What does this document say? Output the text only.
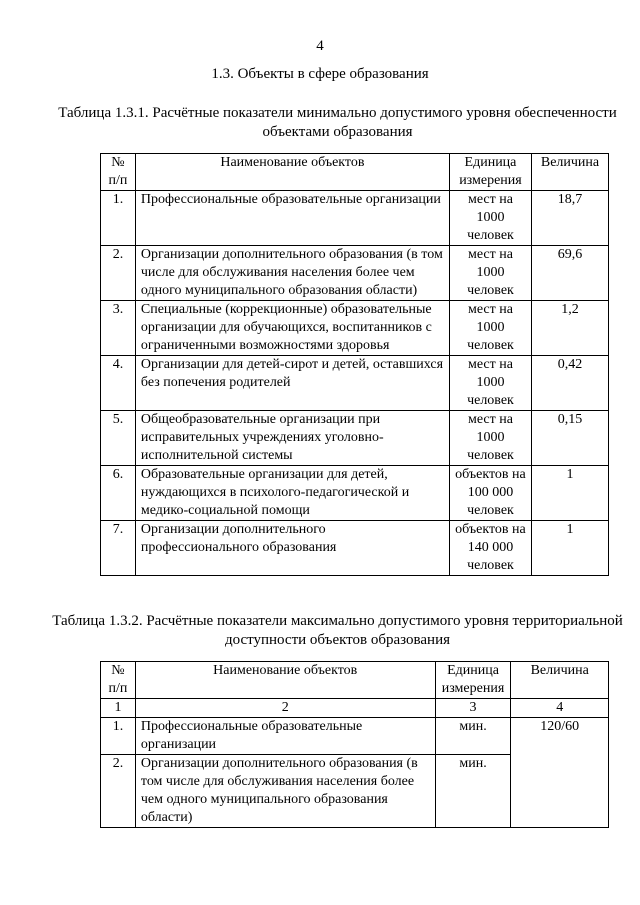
4
1.3. Объекты в сфере образования
Таблица 1.3.1. Расчётные показатели минимально допустимого уровня обеспеченности объектами образования
№ п/п	Наименование объектов	Единица измерения	Величина
1.	Профессиональные образовательные организации	мест на 1000 человек	18,7
2.	Организации дополнительного образования (в том числе для обслуживания населения более чем одного муниципального образования области)	мест на 1000 человек	69,6
3.	Специальные (коррекционные) образовательные организации для обучающихся, воспитанников с ограниченными возможностями здоровья	мест на 1000 человек	1,2
4.	Организации для детей-сирот и детей, оставшихся без попечения родителей	мест на 1000 человек	0,42
5.	Общеобразовательные организации при исправительных учреждениях уголовно-исполнительной системы	мест на 1000 человек	0,15
6.	Образовательные организации для детей, нуждающихся в психолого-педагогической и медико-социальной помощи	объектов на 100 000 человек	1
7.	Организации дополнительного профессионального образования	объектов на 140 000 человек	1
Таблица 1.3.2. Расчётные показатели максимально допустимого уровня территориальной доступности объектов образования
№ п/п	Наименование объектов	Единица измерения	Величина
1	2	3	4
1.	Профессиональные образовательные организации	мин.	120/60
2.	Организации дополнительного образования (в том числе для обслуживания населения более чем одного муниципального образования области)	мин.	
